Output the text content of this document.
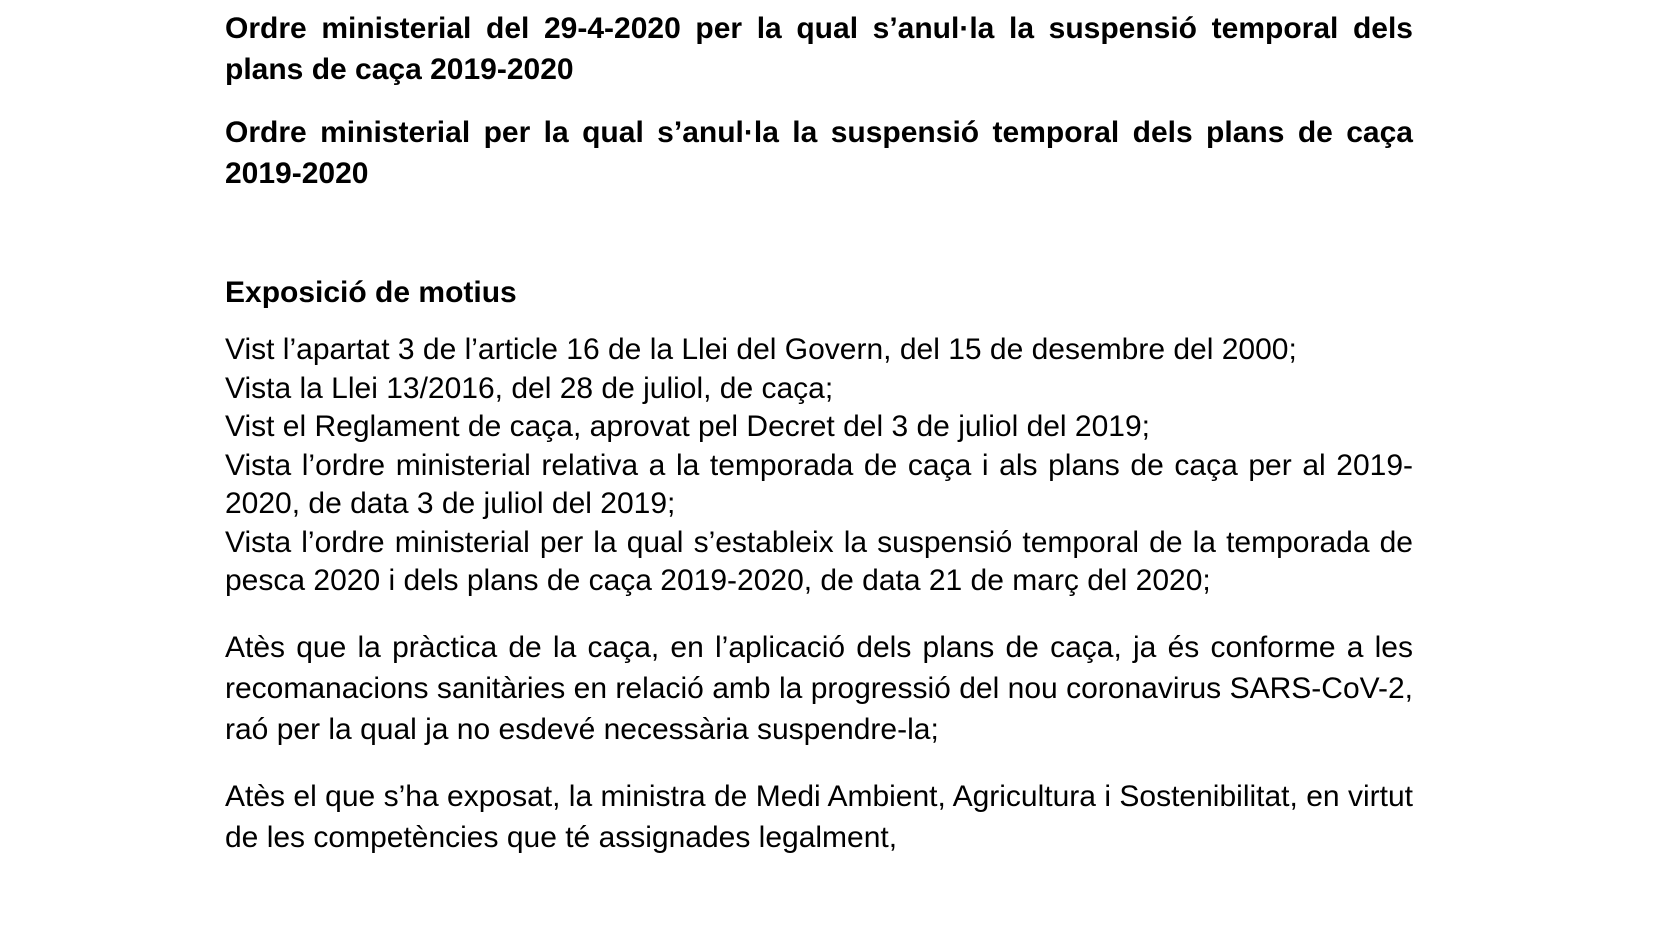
Ordre ministerial del 29-4-2020 per la qual s’anul·la la suspensió temporal dels plans de caça 2019-2020

Ordre ministerial per la qual s’anul·la la suspensió temporal dels plans de caça 2019-2020

Exposició de motius

Vist l’apartat 3 de l’article 16 de la Llei del Govern, del 15 de desembre del 2000;

Vista la Llei 13/2016, del 28 de juliol, de caça;

Vist el Reglament de caça, aprovat pel Decret del 3 de juliol del 2019;

Vista l’ordre ministerial relativa a la temporada de caça i als plans de caça per al 2019-2020, de data 3 de juliol del 2019;

Vista l’ordre ministerial per la qual s’estableix la suspensió temporal de la temporada de pesca 2020 i dels plans de caça 2019-2020, de data 21 de març del 2020;

Atès que la pràctica de la caça, en l’aplicació dels plans de caça, ja és conforme a les recomanacions sanitàries en relació amb la progressió del nou coronavirus SARS-CoV-2, raó per la qual ja no esdevé necessària suspendre-la;

Atès el que s’ha exposat, la ministra de Medi Ambient, Agricultura i Sostenibilitat, en virtut de les competències que té assignades legalment,
